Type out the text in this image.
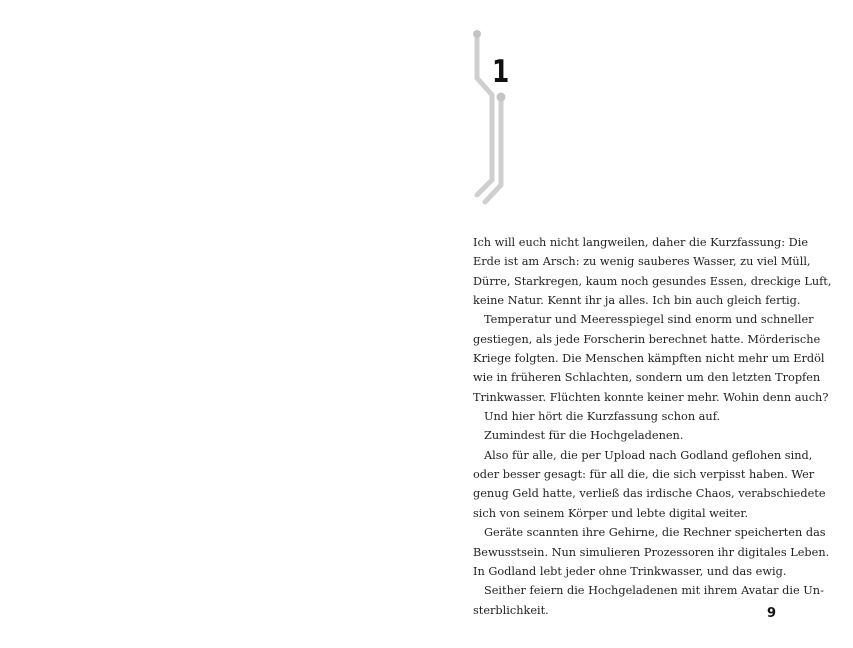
1
Ich will euch nicht langweilen, daher die Kurzfassung: Die
Erde ist am Arsch: zu wenig sauberes Wasser, zu viel Müll,
Dürre, Starkregen, kaum noch gesundes Essen, dreckige Luft,
keine Natur. Kennt ihr ja alles. Ich bin auch gleich fertig.
Temperatur und Meeresspiegel sind enorm und schneller
gestiegen, als jede Forscherin berechnet hatte. Mörderische
Kriege folgten. Die Menschen kämpften nicht mehr um Erdöl
wie in früheren Schlachten, sondern um den letzten Tropfen
Trinkwasser. Flüchten konnte keiner mehr. Wohin denn auch?
Und hier hört die Kurzfassung schon auf.
Zumindest für die Hochgeladenen.
Also für alle, die per Upload nach Godland geflohen sind,
oder besser gesagt: für all die, die sich verpisst haben. Wer
genug Geld hatte, verließ das irdische Chaos, verabschiedete
sich von seinem Körper und lebte digital weiter.
Geräte scannten ihre Gehirne, die Rechner speicherten das
Bewusstsein. Nun simulieren Prozessoren ihr digitales Leben.
In Godland lebt jeder ohne Trinkwasser, und das ewig.
Seither feiern die Hochgeladenen mit ihrem Avatar die Un-
sterblichkeit.	9
